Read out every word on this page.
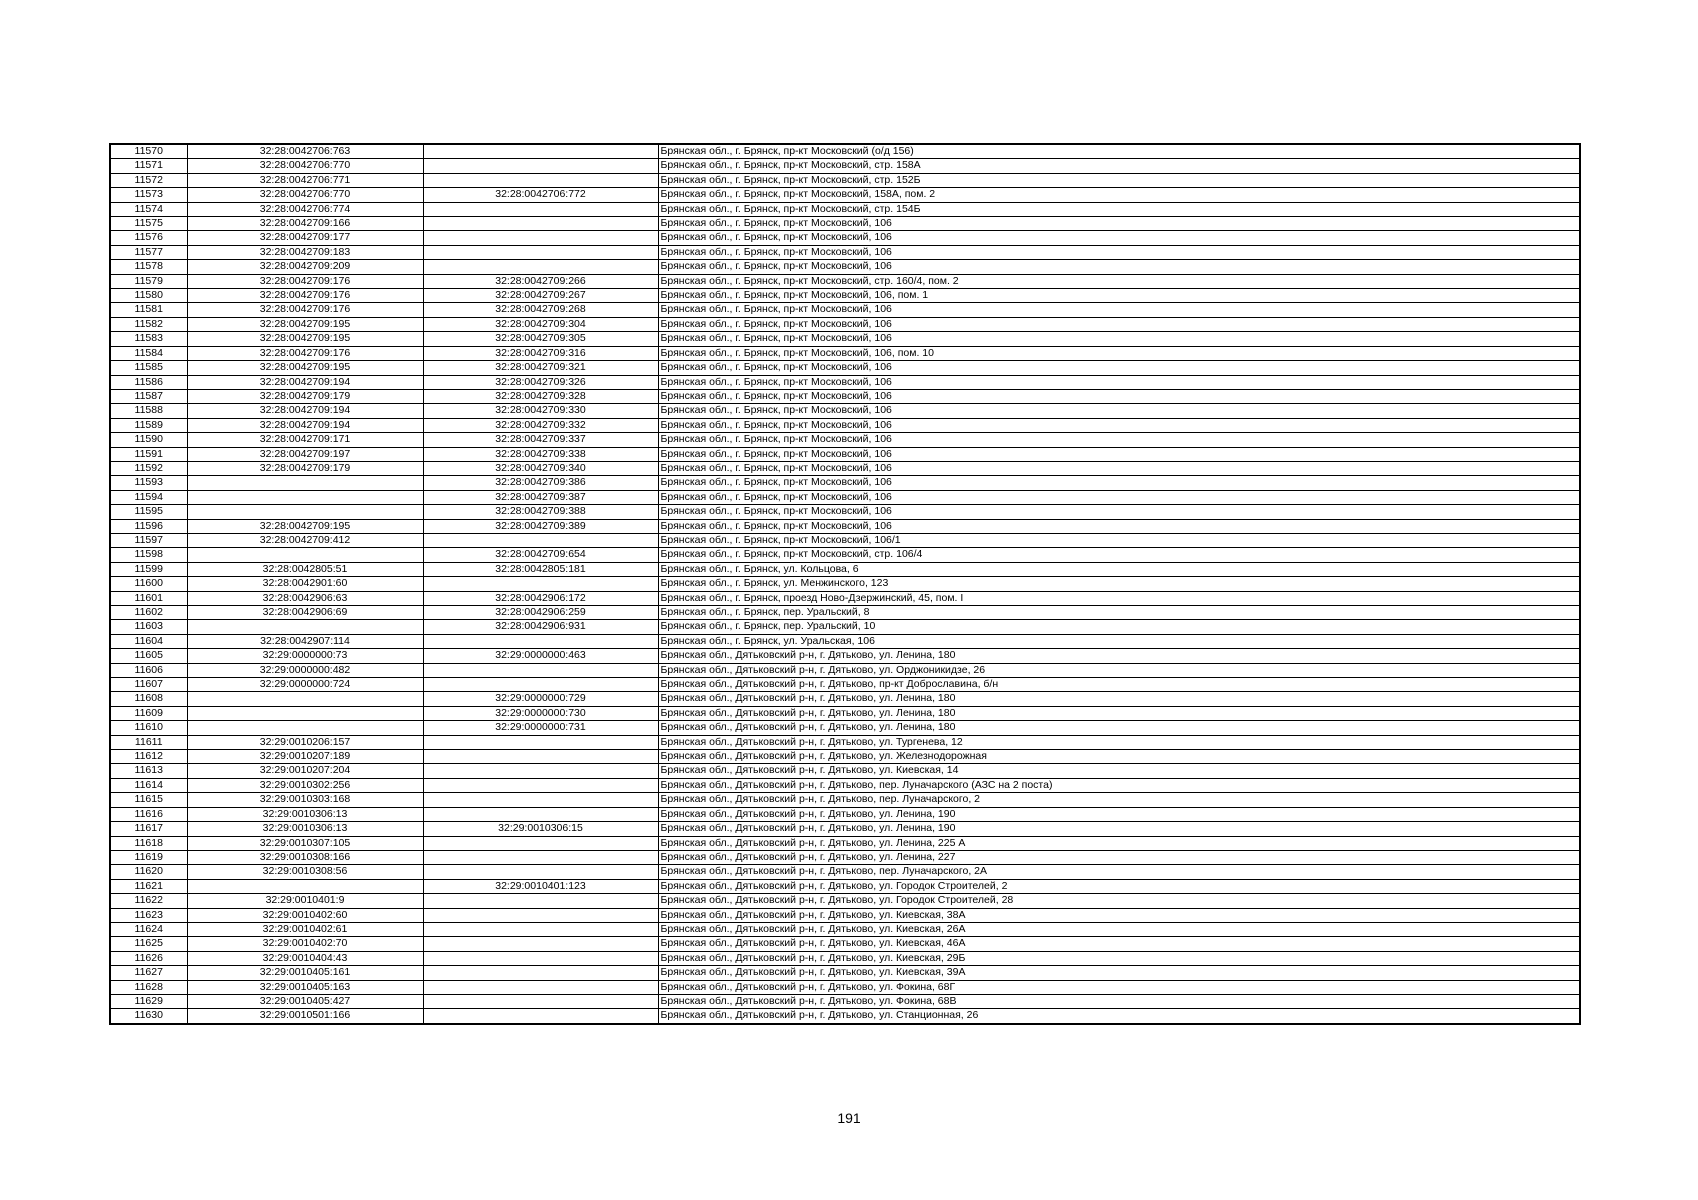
11570	32:28:0042706:763		Брянская обл., г. Брянск, пр-кт Московский (о/д 156)
11571	32:28:0042706:770		Брянская обл., г. Брянск, пр-кт Московский, стр. 158А
11572	32:28:0042706:771		Брянская обл., г. Брянск, пр-кт Московский, стр. 152Б
11573	32:28:0042706:770	32:28:0042706:772	Брянская обл., г. Брянск, пр-кт Московский, 158А, пом. 2
11574	32:28:0042706:774		Брянская обл., г. Брянск, пр-кт Московский, стр. 154Б
11575	32:28:0042709:166		Брянская обл., г. Брянск, пр-кт Московский, 106
11576	32:28:0042709:177		Брянская обл., г. Брянск, пр-кт Московский, 106
11577	32:28:0042709:183		Брянская обл., г. Брянск, пр-кт Московский, 106
11578	32:28:0042709:209		Брянская обл., г. Брянск, пр-кт Московский, 106
11579	32:28:0042709:176	32:28:0042709:266	Брянская обл., г. Брянск, пр-кт Московский, стр. 160/4, пом. 2
11580	32:28:0042709:176	32:28:0042709:267	Брянская обл., г. Брянск, пр-кт Московский, 106, пом. 1
11581	32:28:0042709:176	32:28:0042709:268	Брянская обл., г. Брянск, пр-кт Московский, 106
11582	32:28:0042709:195	32:28:0042709:304	Брянская обл., г. Брянск, пр-кт Московский, 106
11583	32:28:0042709:195	32:28:0042709:305	Брянская обл., г. Брянск, пр-кт Московский, 106
11584	32:28:0042709:176	32:28:0042709:316	Брянская обл., г. Брянск, пр-кт Московский, 106, пом. 10
11585	32:28:0042709:195	32:28:0042709:321	Брянская обл., г. Брянск, пр-кт Московский, 106
11586	32:28:0042709:194	32:28:0042709:326	Брянская обл., г. Брянск, пр-кт Московский, 106
11587	32:28:0042709:179	32:28:0042709:328	Брянская обл., г. Брянск, пр-кт Московский, 106
11588	32:28:0042709:194	32:28:0042709:330	Брянская обл., г. Брянск, пр-кт Московский, 106
11589	32:28:0042709:194	32:28:0042709:332	Брянская обл., г. Брянск, пр-кт Московский, 106
11590	32:28:0042709:171	32:28:0042709:337	Брянская обл., г. Брянск, пр-кт Московский, 106
11591	32:28:0042709:197	32:28:0042709:338	Брянская обл., г. Брянск, пр-кт Московский, 106
11592	32:28:0042709:179	32:28:0042709:340	Брянская обл., г. Брянск, пр-кт Московский, 106
11593		32:28:0042709:386	Брянская обл., г. Брянск, пр-кт Московский, 106
11594		32:28:0042709:387	Брянская обл., г. Брянск, пр-кт Московский, 106
11595		32:28:0042709:388	Брянская обл., г. Брянск, пр-кт Московский, 106
11596	32:28:0042709:195	32:28:0042709:389	Брянская обл., г. Брянск, пр-кт Московский, 106
11597	32:28:0042709:412		Брянская обл., г. Брянск, пр-кт Московский, 106/1
11598		32:28:0042709:654	Брянская обл., г. Брянск, пр-кт Московский, стр. 106/4
11599	32:28:0042805:51	32:28:0042805:181	Брянская обл., г. Брянск, ул. Кольцова, 6
11600	32:28:0042901:60		Брянская обл., г. Брянск, ул. Менжинского, 123
11601	32:28:0042906:63	32:28:0042906:172	Брянская обл., г. Брянск, проезд Ново-Дзержинский, 45, пом. I
11602	32:28:0042906:69	32:28:0042906:259	Брянская обл., г. Брянск, пер. Уральский, 8
11603		32:28:0042906:931	Брянская обл., г. Брянск, пер. Уральский, 10
11604	32:28:0042907:114		Брянская обл., г. Брянск, ул. Уральская, 106
11605	32:29:0000000:73	32:29:0000000:463	Брянская обл., Дятьковский р-н, г. Дятьково, ул. Ленина, 180
11606	32:29:0000000:482		Брянская обл., Дятьковский р-н, г. Дятьково, ул. Орджоникидзе, 26
11607	32:29:0000000:724		Брянская обл., Дятьковский р-н, г. Дятьково, пр-кт Доброславина, б/н
11608		32:29:0000000:729	Брянская обл., Дятьковский р-н, г. Дятьково, ул. Ленина, 180
11609		32:29:0000000:730	Брянская обл., Дятьковский р-н, г. Дятьково, ул. Ленина, 180
11610		32:29:0000000:731	Брянская обл., Дятьковский р-н, г. Дятьково, ул. Ленина, 180
11611	32:29:0010206:157		Брянская обл., Дятьковский р-н, г. Дятьково, ул. Тургенева, 12
11612	32:29:0010207:189		Брянская обл., Дятьковский р-н, г. Дятьково, ул. Железнодорожная
11613	32:29:0010207:204		Брянская обл., Дятьковский р-н, г. Дятьково, ул. Киевская, 14
11614	32:29:0010302:256		Брянская обл., Дятьковский р-н, г. Дятьково, пер. Луначарского (АЗС на 2 поста)
11615	32:29:0010303:168		Брянская обл., Дятьковский р-н, г. Дятьково, пер. Луначарского, 2
11616	32:29:0010306:13		Брянская обл., Дятьковский р-н, г. Дятьково, ул. Ленина, 190
11617	32:29:0010306:13	32:29:0010306:15	Брянская обл., Дятьковский р-н, г. Дятьково, ул. Ленина, 190
11618	32:29:0010307:105		Брянская обл., Дятьковский р-н, г. Дятьково, ул. Ленина, 225 А
11619	32:29:0010308:166		Брянская обл., Дятьковский р-н, г. Дятьково, ул. Ленина, 227
11620	32:29:0010308:56		Брянская обл., Дятьковский р-н, г. Дятьково, пер. Луначарского, 2А
11621		32:29:0010401:123	Брянская обл., Дятьковский р-н, г. Дятьково, ул. Городок Строителей, 2
11622	32:29:0010401:9		Брянская обл., Дятьковский р-н, г. Дятьково, ул. Городок Строителей, 28
11623	32:29:0010402:60		Брянская обл., Дятьковский р-н, г. Дятьково, ул. Киевская, 38А
11624	32:29:0010402:61		Брянская обл., Дятьковский р-н, г. Дятьково, ул. Киевская, 26А
11625	32:29:0010402:70		Брянская обл., Дятьковский р-н, г. Дятьково, ул. Киевская, 46А
11626	32:29:0010404:43		Брянская обл., Дятьковский р-н, г. Дятьково, ул. Киевская, 29Б
11627	32:29:0010405:161		Брянская обл., Дятьковский р-н, г. Дятьково, ул. Киевская, 39А
11628	32:29:0010405:163		Брянская обл., Дятьковский р-н, г. Дятьково, ул. Фокина, 68Г
11629	32:29:0010405:427		Брянская обл., Дятьковский р-н, г. Дятьково, ул. Фокина, 68В
11630	32:29:0010501:166		Брянская обл., Дятьковский р-н, г. Дятьково, ул. Станционная, 26
191
